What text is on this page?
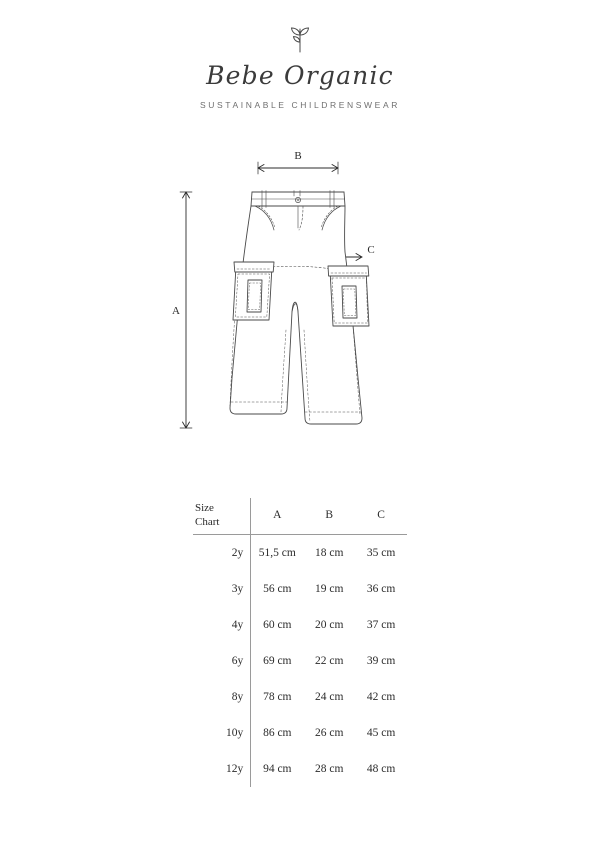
Bebe Organic
SUSTAINABLE CHILDRENSWEAR
B
A
C
Size
Chart	A	B	C
2y	51,5 cm	18 cm	35 cm
3y	56 cm	19 cm	36 cm
4y	60 cm	20 cm	37 cm
6y	69 cm	22 cm	39 cm
8y	78 cm	24 cm	42 cm
10y	86 cm	26 cm	45 cm
12y	94 cm	28 cm	48 cm
